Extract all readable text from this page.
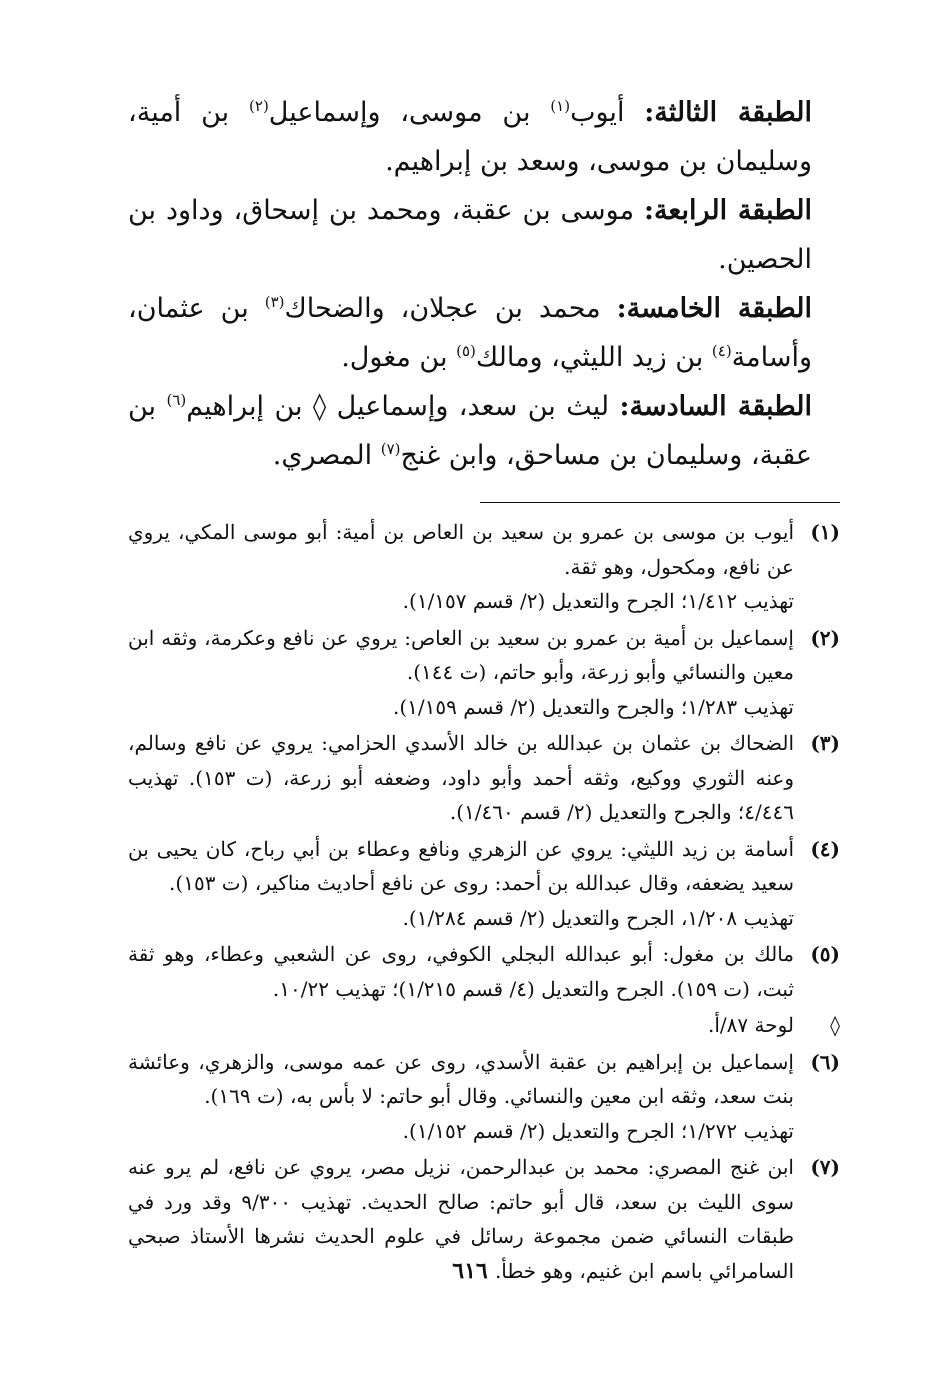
الطبقة الثالثة: أيوب$^{(١)}$ بن موسى، وإسماعيل$^{(٢)}$ بن أمية، وسليمان بن موسى، وسعد بن إبراهيم.

الطبقة الرابعة: موسى بن عقبة، ومحمد بن إسحاق، وداود بن الحصين.

الطبقة الخامسة: محمد بن عجلان، والضحاك$^{(٣)}$ بن عثمان، وأسامة$^{(٤)}$ بن زيد الليثي، ومالك$^{(٥)}$ بن مغول.

الطبقة السادسة: ليث بن سعد، وإسماعيل ◊ بن إبراهيم$^{(٦)}$ بن عقبة، وسليمان بن مساحق، وابن غنج$^{(٧)}$ المصري.

(١)
أيوب بن موسى بن عمرو بن سعيد بن العاص بن أمية: أبو موسى المكي، يروي عن نافع، ومكحول، وهو ثقة.
تهذيب ١/٤١٢؛ الجرح والتعديل (٢/ قسم ١/١٥٧).
(٢)
إسماعيل بن أمية بن عمرو بن سعيد بن العاص: يروي عن نافع وعكرمة، وثقه ابن معين والنسائي وأبو زرعة، وأبو حاتم، (ت ١٤٤).
تهذيب ١/٢٨٣؛ والجرح والتعديل (٢/ قسم ١/١٥٩).
(٣)
الضحاك بن عثمان بن عبدالله بن خالد الأسدي الحزامي: يروي عن نافع وسالم، وعنه الثوري ووكيع، وثقه أحمد وأبو داود، وضعفه أبو زرعة، (ت ١٥٣). تهذيب ٤/٤٤٦؛ والجرح والتعديل (٢/ قسم ١/٤٦٠).
(٤)
أسامة بن زيد الليثي: يروي عن الزهري ونافع وعطاء بن أبي رباح، كان يحيى بن سعيد يضعفه، وقال عبدالله بن أحمد: روى عن نافع أحاديث مناكير، (ت ١٥٣).
تهذيب ١/٢٠٨، الجرح والتعديل (٢/ قسم ١/٢٨٤).
(٥)
مالك بن مغول: أبو عبدالله البجلي الكوفي، روى عن الشعبي وعطاء، وهو ثقة ثبت، (ت ١٥٩). الجرح والتعديل (٤/ قسم ١/٢١٥)؛ تهذيب ١٠/٢٢.
◊
لوحة ٨٧/أ.
(٦)
إسماعيل بن إبراهيم بن عقبة الأسدي، روى عن عمه موسى، والزهري، وعائشة بنت سعد، وثقه ابن معين والنسائي. وقال أبو حاتم: لا بأس به، (ت ١٦٩).
تهذيب ١/٢٧٢؛ الجرح والتعديل (٢/ قسم ١/١٥٢).
(٧)
ابن غنج المصري: محمد بن عبدالرحمن، نزيل مصر، يروي عن نافع، لم يرو عنه سوى الليث بن سعد، قال أبو حاتم: صالح الحديث. تهذيب ٩/٣٠٠ وقد ورد في طبقات النسائي ضمن مجموعة رسائل في علوم الحديث نشرها الأستاذ صبحي السامرائي باسم ابن غنيم، وهو خطأ.
٦١٦
